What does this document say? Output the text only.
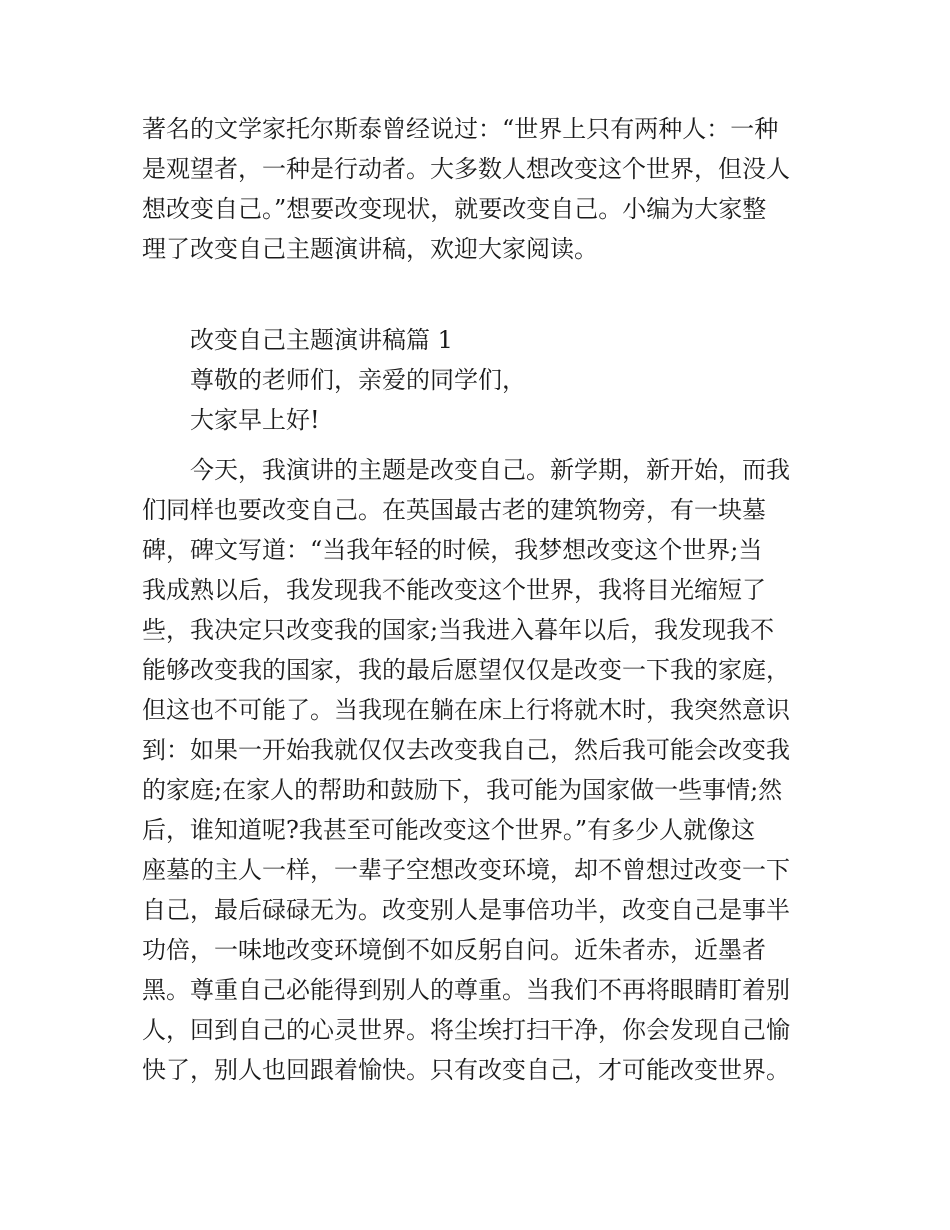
著名的文学家托尔斯泰曾经说过：“世界上只有两种人：一种
是观望者，一种是行动者。大多数人想改变这个世界，但没人
想改变自己。”想要改变现状，就要改变自己。小编为大家整
理了改变自己主题演讲稿，欢迎大家阅读。
改变自己主题演讲稿篇 1
尊敬的老师们，亲爱的同学们，
大家早上好!
今天，我演讲的主题是改变自己。新学期，新开始，而我
们同样也要改变自己。在英国最古老的建筑物旁，有一块墓
碑，碑文写道：“当我年轻的时候，我梦想改变这个世界;当
我成熟以后，我发现我不能改变这个世界，我将目光缩短了
些，我决定只改变我的国家;当我进入暮年以后，我发现我不
能够改变我的国家，我的最后愿望仅仅是改变一下我的家庭，
但这也不可能了。当我现在躺在床上行将就木时，我突然意识
到：如果一开始我就仅仅去改变我自己，然后我可能会改变我
的家庭;在家人的帮助和鼓励下，我可能为国家做一些事情;然
后，谁知道呢?我甚至可能改变这个世界。”有多少人就像这
座墓的主人一样，一辈子空想改变环境，却不曾想过改变一下
自己，最后碌碌无为。改变别人是事倍功半，改变自己是事半
功倍，一味地改变环境倒不如反躬自问。近朱者赤，近墨者
黑。尊重自己必能得到别人的尊重。当我们不再将眼睛盯着别
人，回到自己的心灵世界。将尘埃打扫干净，你会发现自己愉
快了，别人也回跟着愉快。只有改变自己，才可能改变世界。
